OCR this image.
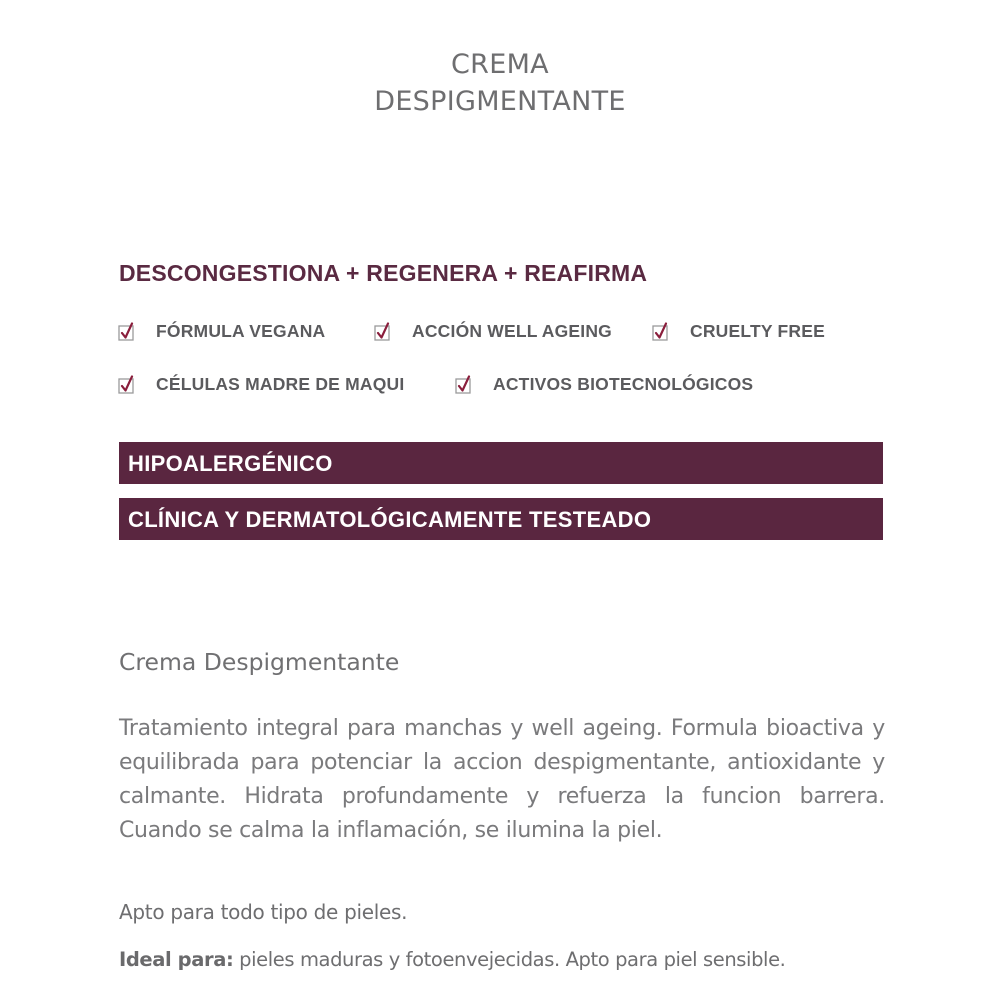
CREMA
DESPIGMENTANTE
DESCONGESTIONA + REGENERA + REAFIRMA
FÓRMULA VEGANA	ACCIÓN WELL AGEING	CRUELTY FREE
CÉLULAS MADRE DE MAQUI	ACTIVOS BIOTECNOLÓGICOS
HIPOALERGÉNICO
CLÍNICA Y DERMATOLÓGICAMENTE TESTEADO
Crema Despigmentante
Tratamiento integral para manchas y well ageing. Formula bioactiva y equilibrada para potenciar la accion despigmentante, antioxidante y calmante. Hidrata profundamente y refuerza la funcion barrera. Cuando se calma la inflamación, se ilumina la piel.
Apto para todo tipo de pieles.
Ideal para: pieles maduras y fotoenvejecidas. Apto para piel sensible.
